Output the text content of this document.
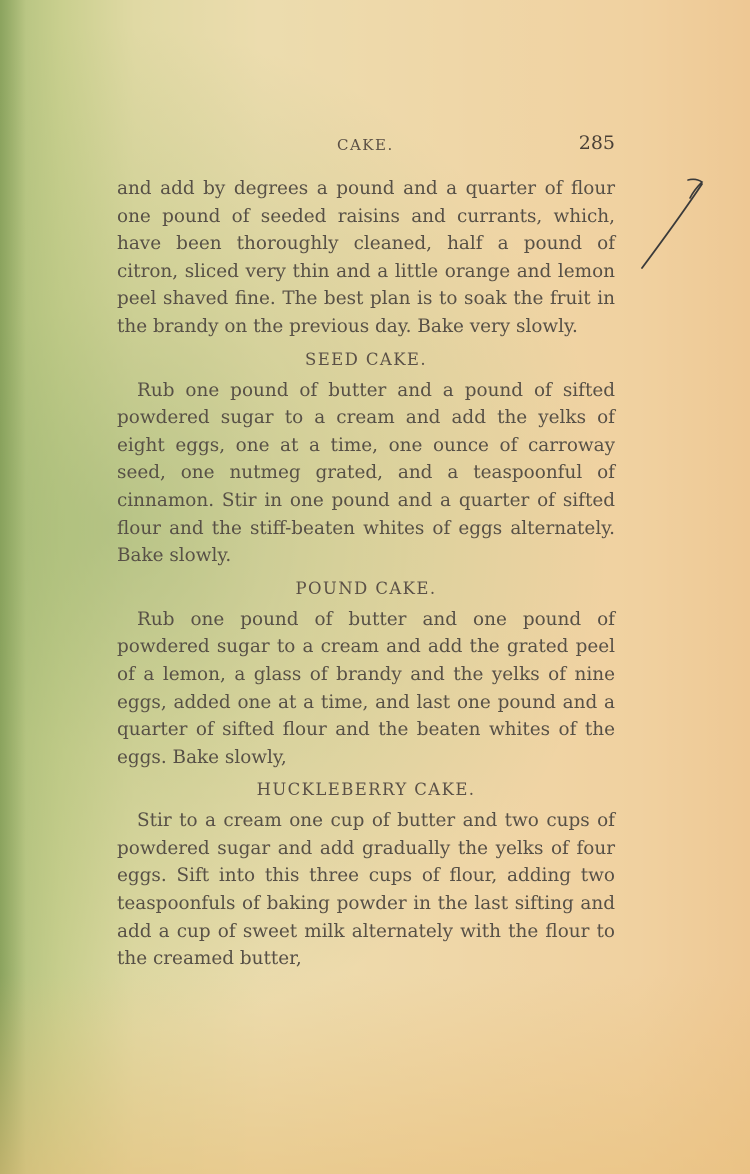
CAKE.	285

and add by degrees a pound and a quarter of flour one pound of seeded raisins and currants, which, have been thoroughly cleaned, half a pound of citron, sliced very thin and a little orange and lemon peel shaved fine. The best plan is to soak the fruit in the brandy on the previous day. Bake very slowly.

SEED CAKE.

Rub one pound of butter and a pound of sifted powdered sugar to a cream and add the yelks of eight eggs, one at a time, one ounce of carroway seed, one nutmeg grated, and a teaspoonful of cinnamon. Stir in one pound and a quarter of sifted flour and the stiff-beaten whites of eggs alternately. Bake slowly.

POUND CAKE.

Rub one pound of butter and one pound of powdered sugar to a cream and add the grated peel of a lemon, a glass of brandy and the yelks of nine eggs, added one at a time, and last one pound and a quarter of sifted flour and the beaten whites of the eggs. Bake slowly,

HUCKLEBERRY CAKE.

Stir to a cream one cup of butter and two cups of powdered sugar and add gradually the yelks of four eggs. Sift into this three cups of flour, adding two teaspoonfuls of baking powder in the last sifting and add a cup of sweet milk alternately with the flour to the creamed butter,
